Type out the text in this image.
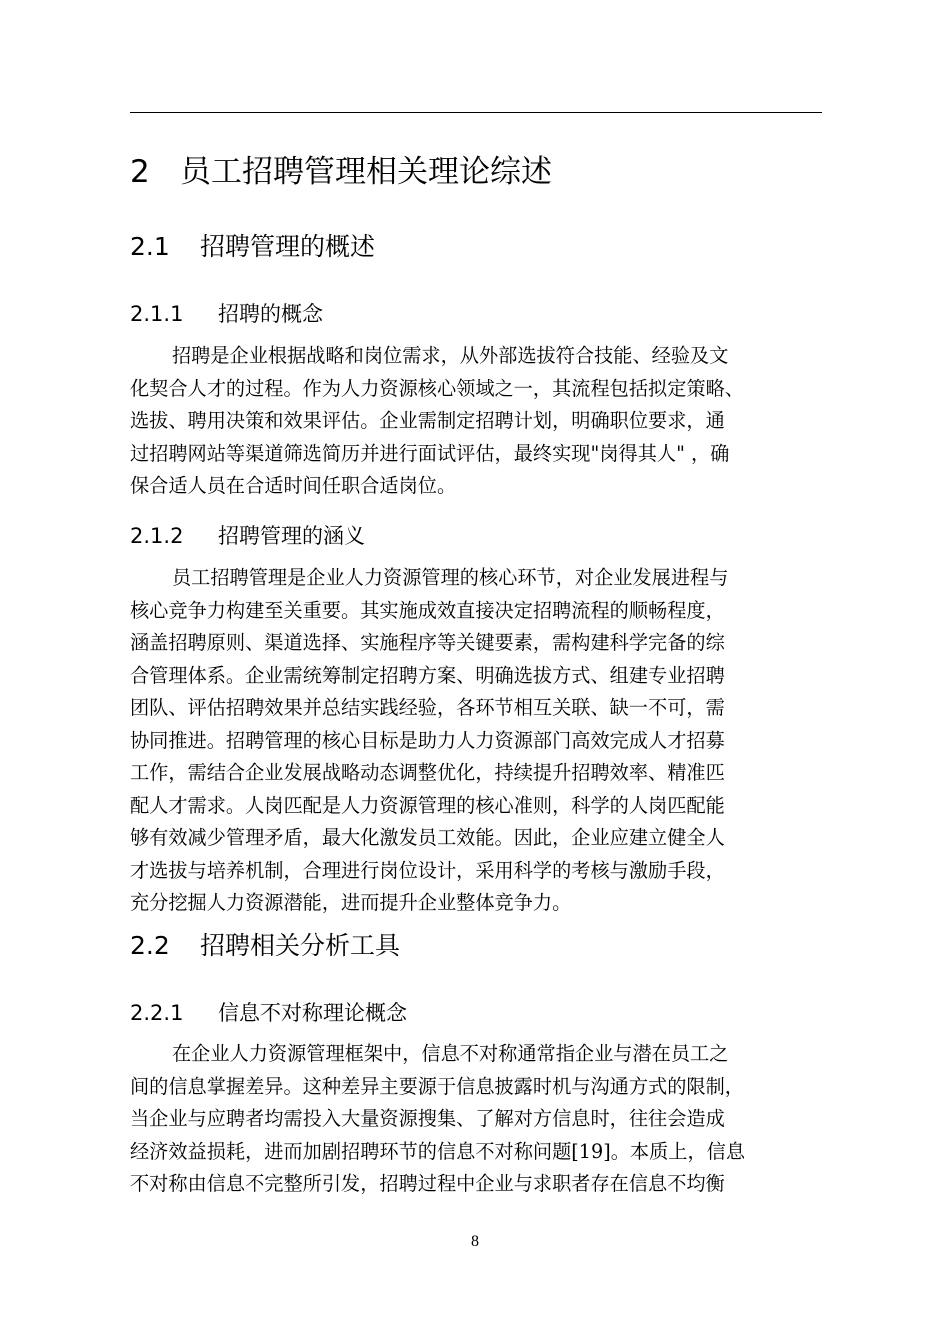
2 员工招聘管理相关理论综述
2.1 招聘管理的概述
2.1.1 招聘的概念
招聘是企业根据战略和岗位需求，从外部选拔符合技能、经验及文
化契合人才的过程。作为人力资源核心领域之一，其流程包括拟定策略、
选拔、聘用决策和效果评估。企业需制定招聘计划，明确职位要求，通
过招聘网站等渠道筛选简历并进行面试评估，最终实现"岗得其人" ，确
保合适人员在合适时间任职合适岗位。
2.1.2 招聘管理的涵义
员工招聘管理是企业人力资源管理的核心环节，对企业发展进程与
核心竞争力构建至关重要。其实施成效直接决定招聘流程的顺畅程度，
涵盖招聘原则、渠道选择、实施程序等关键要素，需构建科学完备的综
合管理体系。企业需统筹制定招聘方案、明确选拔方式、组建专业招聘
团队、评估招聘效果并总结实践经验，各环节相互关联、缺一不可，需
协同推进。招聘管理的核心目标是助力人力资源部门高效完成人才招募
工作，需结合企业发展战略动态调整优化，持续提升招聘效率、精准匹
配人才需求。人岗匹配是人力资源管理的核心准则，科学的人岗匹配能
够有效减少管理矛盾，最大化激发员工效能。因此，企业应建立健全人
才选拔与培养机制，合理进行岗位设计，采用科学的考核与激励手段，
充分挖掘人力资源潜能，进而提升企业整体竞争力。
2.2 招聘相关分析工具
2.2.1 信息不对称理论概念
在企业人力资源管理框架中，信息不对称通常指企业与潜在员工之
间的信息掌握差异。这种差异主要源于信息披露时机与沟通方式的限制，
当企业与应聘者均需投入大量资源搜集、了解对方信息时，往往会造成
经济效益损耗，进而加剧招聘环节的信息不对称问题[19]。本质上，信息
不对称由信息不完整所引发，招聘过程中企业与求职者存在信息不均衡
8
